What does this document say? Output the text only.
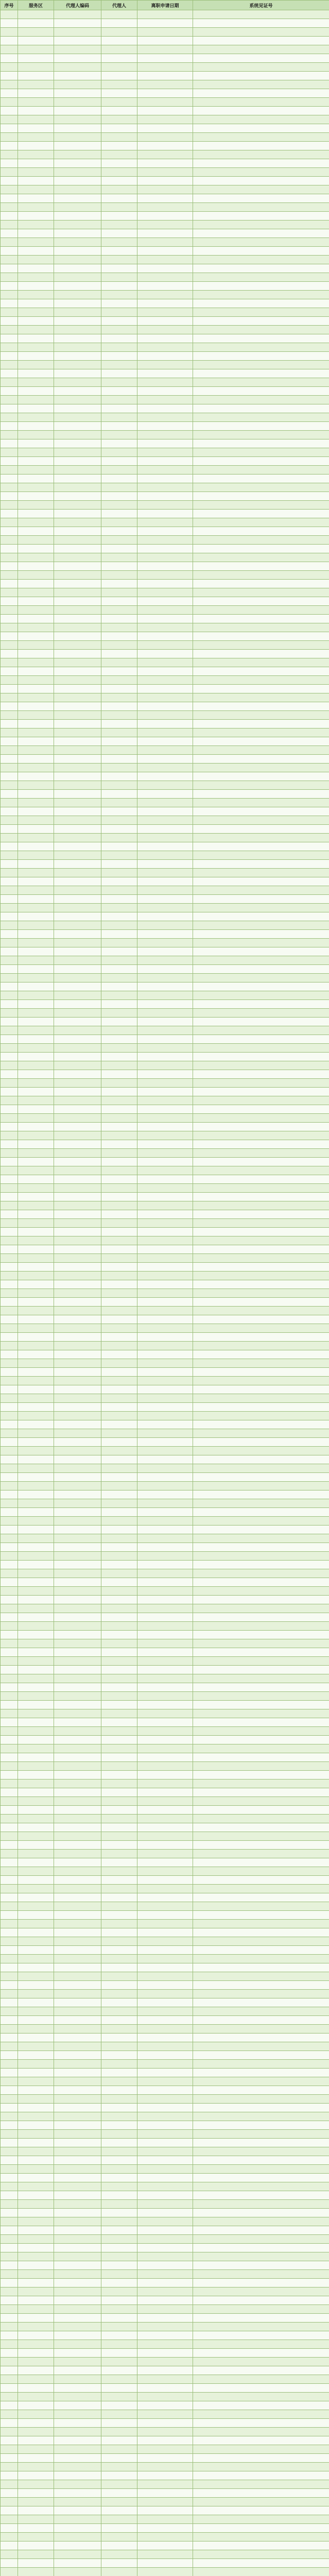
序号	服务区	代理人编码	代理人	离职申请日期	系统见证号
